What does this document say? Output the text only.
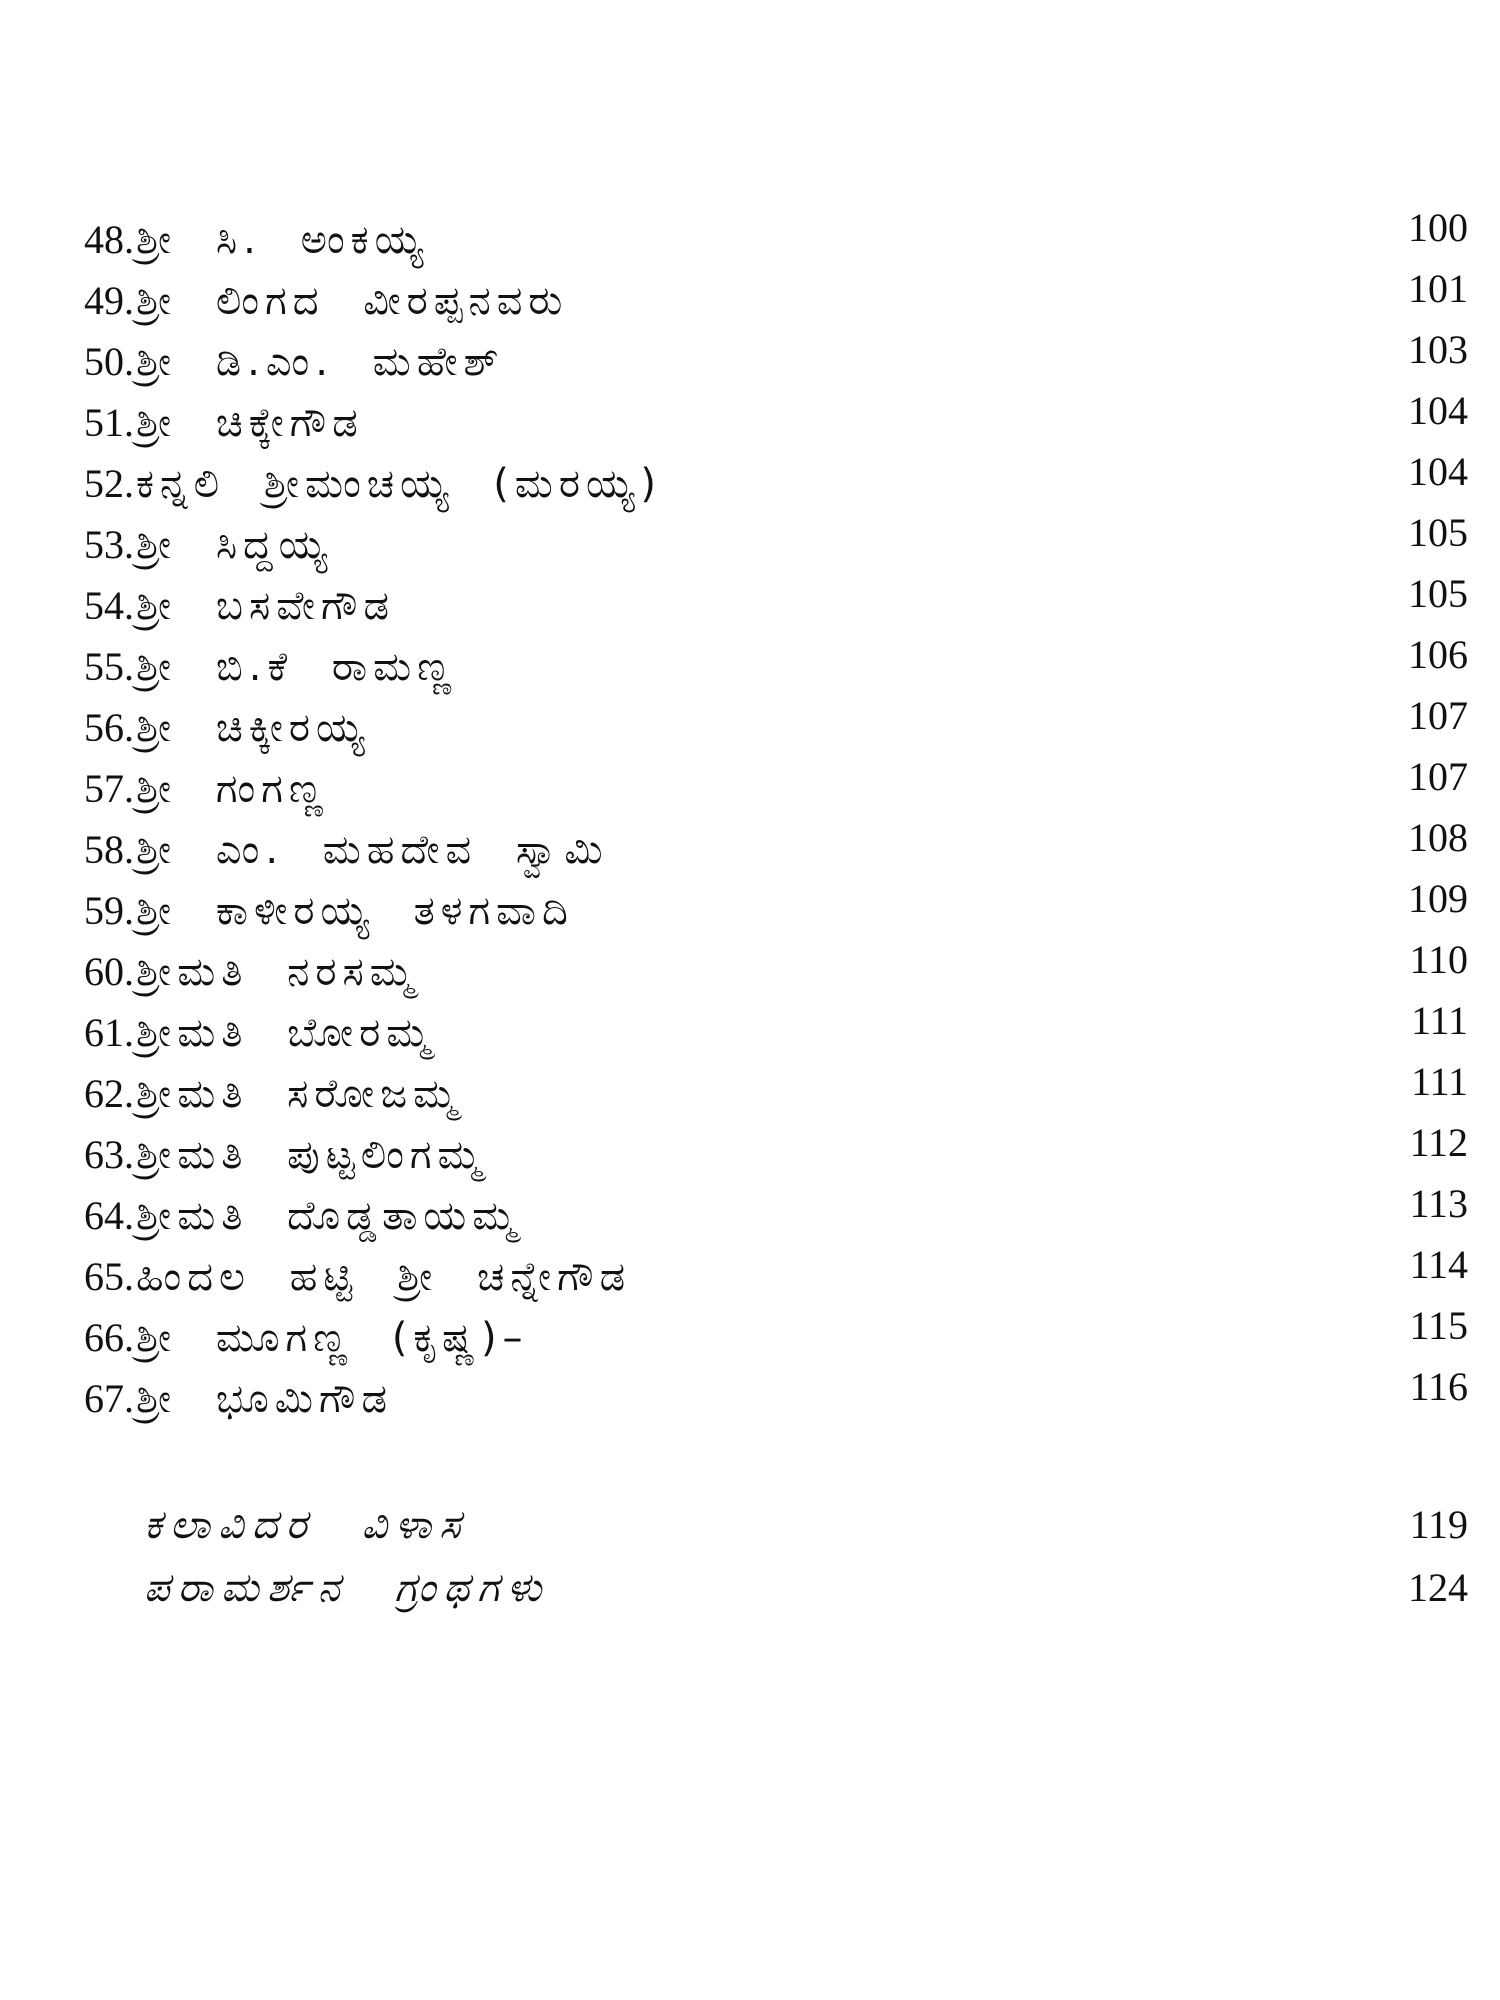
48. ಶ್ರೀ ಸಿ. ಅಂಕಯ್ಯ	100
49. ಶ್ರೀ ಲಿಂಗದ ವೀರಪ್ಪನವರು	101
50. ಶ್ರೀ ಡಿ.ಎಂ. ಮಹೇಶ್	103
51. ಶ್ರೀ ಚಿಕ್ಕೇಗೌಡ	104
52. ಕನ್ನಲಿ ಶ್ರೀಮಂಚಯ್ಯ (ಮರಯ್ಯ)	104
53. ಶ್ರೀ ಸಿದ್ದಯ್ಯ	105
54. ಶ್ರೀ ಬಸವೇಗೌಡ	105
55. ಶ್ರೀ ಬಿ.ಕೆ ರಾಮಣ್ಣ	106
56. ಶ್ರೀ ಚಿಕ್ಕೀರಯ್ಯ	107
57. ಶ್ರೀ ಗಂಗಣ್ಣ	107
58. ಶ್ರೀ ಎಂ. ಮಹದೇವ ಸ್ವಾಮಿ	108
59. ಶ್ರೀ ಕಾಳೀರಯ್ಯ ತಳಗವಾದಿ	109
60. ಶ್ರೀಮತಿ ನರಸಮ್ಮ	110
61. ಶ್ರೀಮತಿ ಬೋರಮ್ಮ	111
62. ಶ್ರೀಮತಿ ಸರೋಜಮ್ಮ	111
63. ಶ್ರೀಮತಿ ಪುಟ್ಟಲಿಂಗಮ್ಮ	112
64. ಶ್ರೀಮತಿ ದೊಡ್ಡತಾಯಮ್ಮ	113
65. ಹಿಂದಲ ಹಟ್ಟಿ ಶ್ರೀ ಚನ್ನೇಗೌಡ	114
66. ಶ್ರೀ ಮೂಗಣ್ಣ (ಕೃಷ್ಣ)–	115
67. ಶ್ರೀ ಭೂಮಿಗೌಡ	116
ಕಲಾವಿದರ ವಿಳಾಸ	119
ಪರಾಮರ್ಶನ ಗ್ರಂಥಗಳು	124
